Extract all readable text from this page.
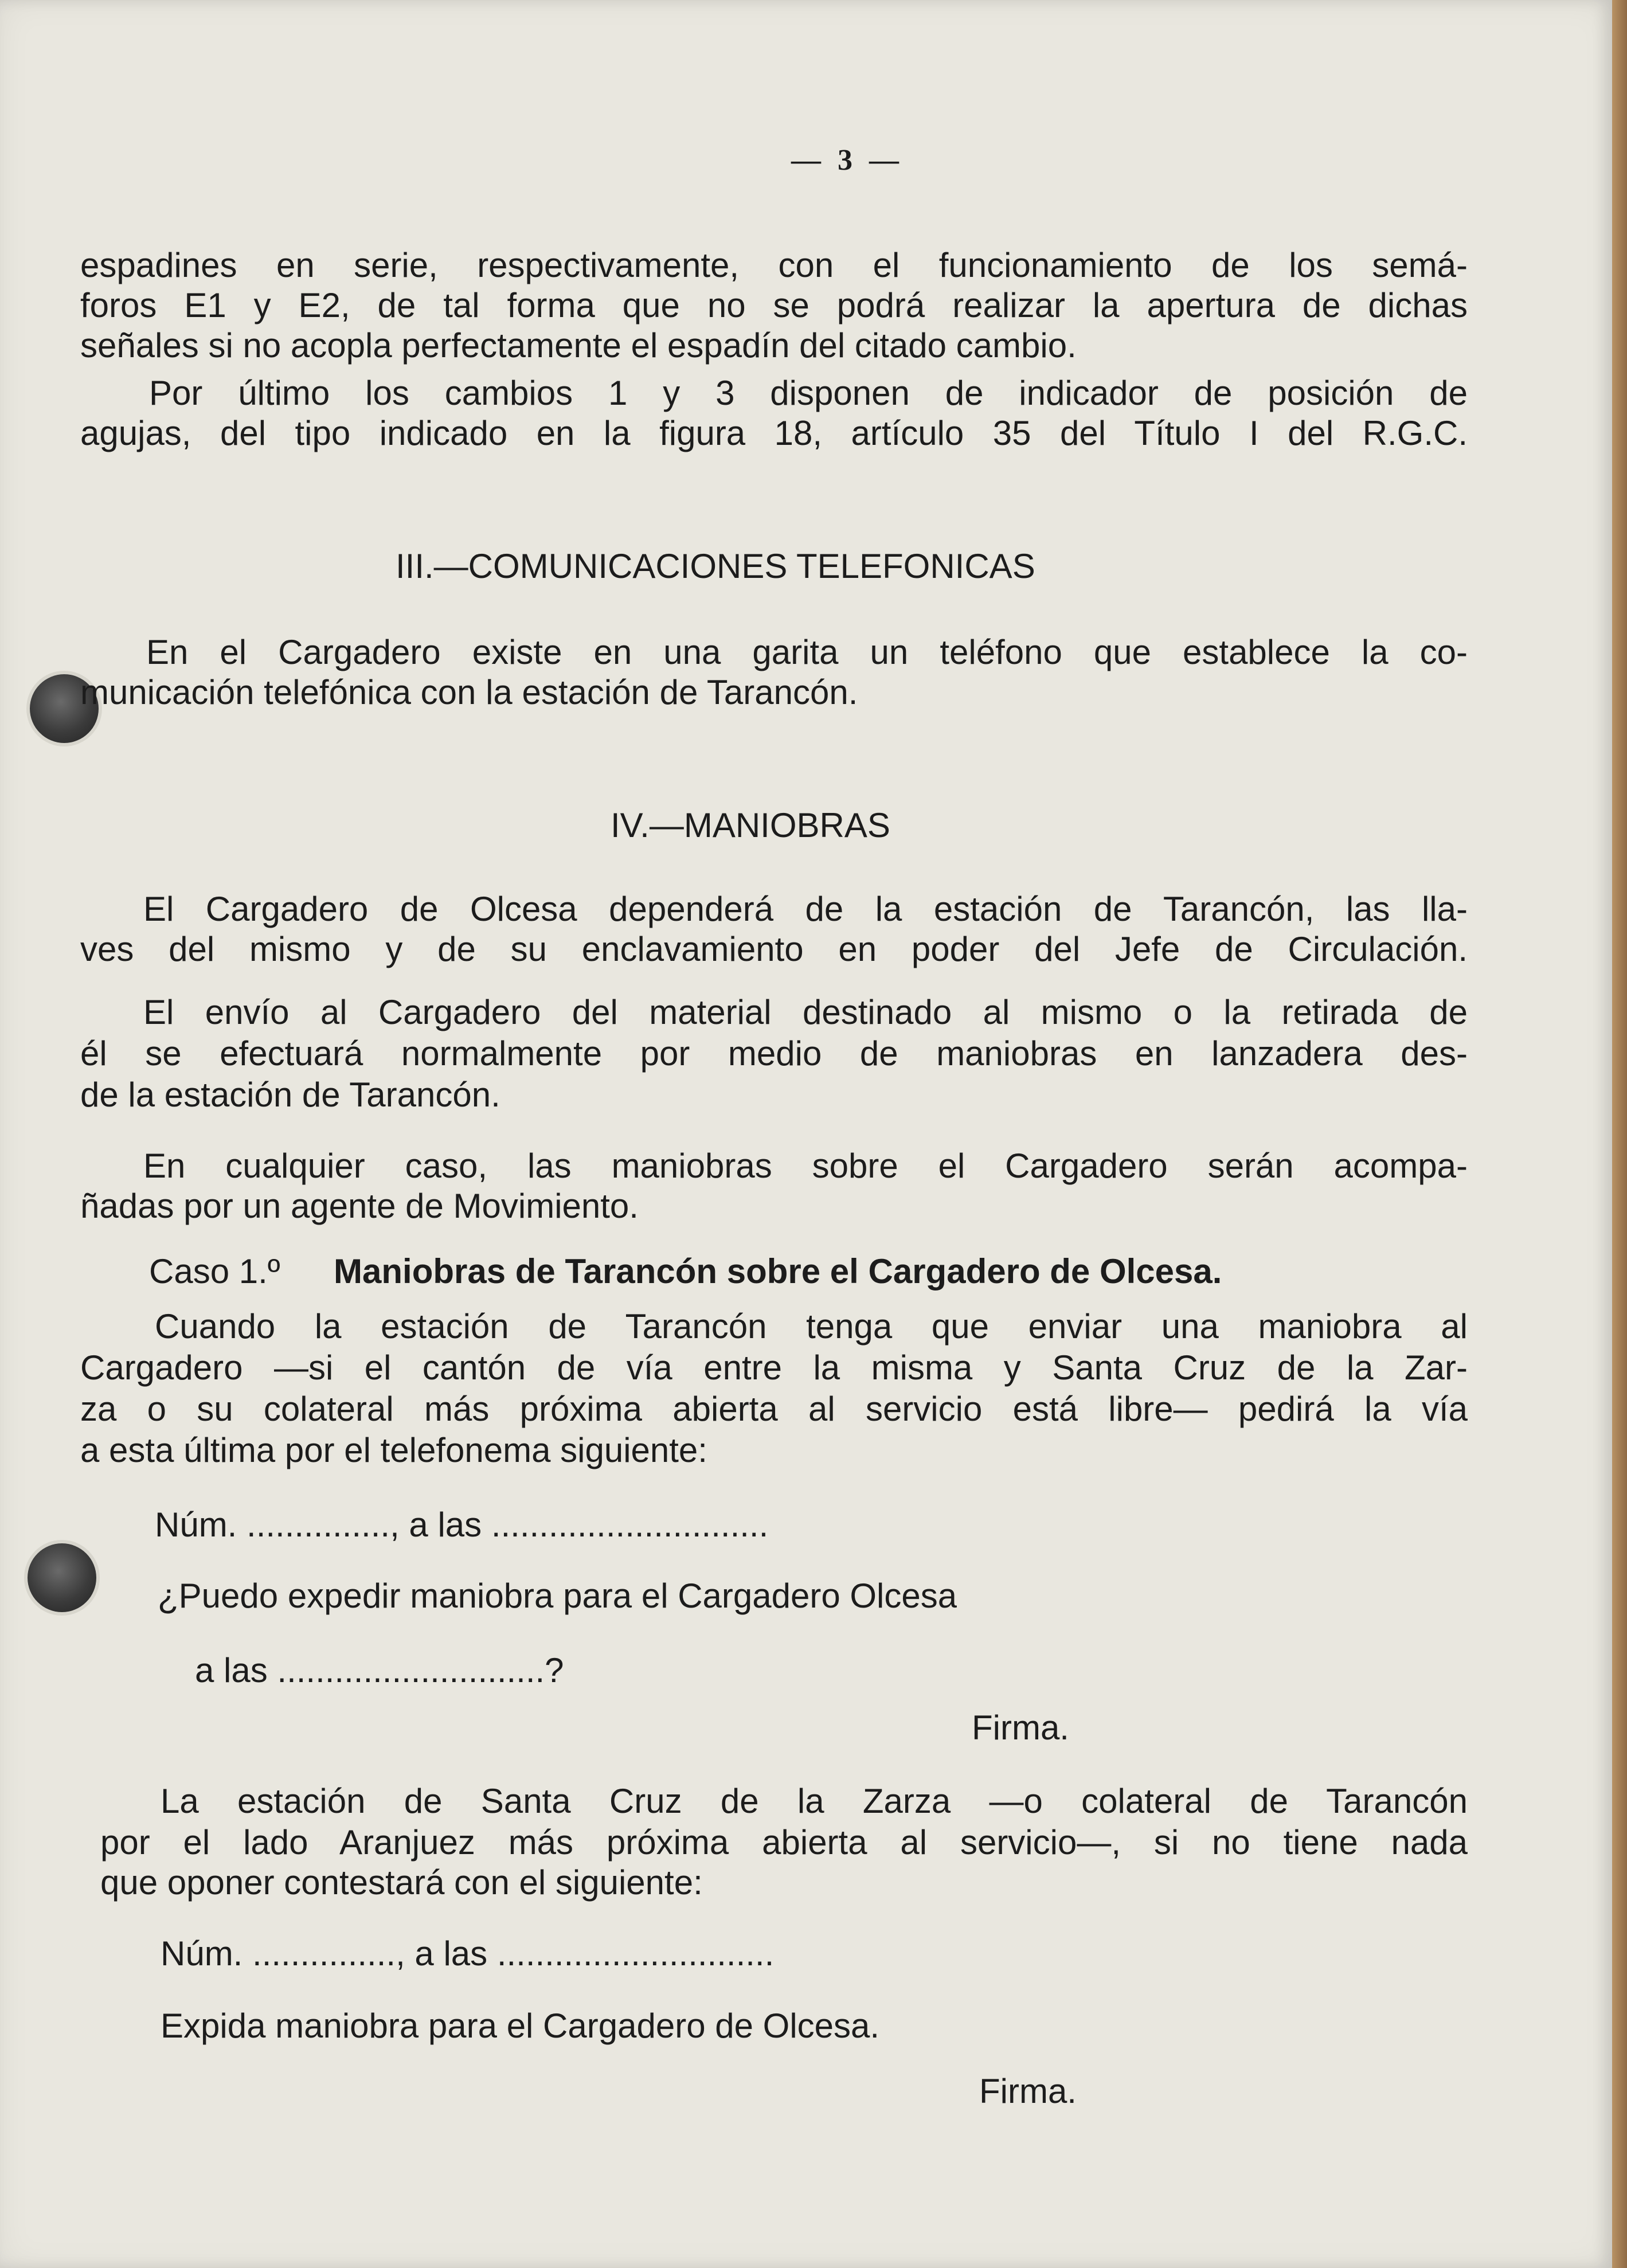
— 3 —
espadines en serie, respectivamente, con el funcionamiento de los semá-
foros E1 y E2, de tal forma que no se podrá realizar la apertura de dichas
señales si no acopla perfectamente el espadín del citado cambio.
Por último los cambios 1 y 3 disponen de indicador de posición de
agujas, del tipo indicado en la figura 18, artículo 35 del Título I del R.G.C.
III.—COMUNICACIONES TELEFONICAS
En el Cargadero existe en una garita un teléfono que establece la co-
municación telefónica con la estación de Tarancón.
IV.—MANIOBRAS
El Cargadero de Olcesa dependerá de la estación de Tarancón, las lla-
ves del mismo y de su enclavamiento en poder del Jefe de Circulación.
El envío al Cargadero del material destinado al mismo o la retirada de
él se efectuará normalmente por medio de maniobras en lanzadera des-
de la estación de Tarancón.
En cualquier caso, las maniobras sobre el Cargadero serán acompa-
ñadas por un agente de Movimiento.
Caso 1.º Maniobras de Tarancón sobre el Cargadero de Olcesa.
Cuando la estación de Tarancón tenga que enviar una maniobra al
Cargadero —si el cantón de vía entre la misma y Santa Cruz de la Zar-
za o su colateral más próxima abierta al servicio está libre— pedirá la vía
a esta última por el telefonema siguiente:
Núm. ..............., a las .............................
¿Puedo expedir maniobra para el Cargadero Olcesa
a las ............................?
Firma.
La estación de Santa Cruz de la Zarza —o colateral de Tarancón
por el lado Aranjuez más próxima abierta al servicio—, si no tiene nada
que oponer contestará con el siguiente:
Núm. ..............., a las .............................
Expida maniobra para el Cargadero de Olcesa.
Firma.
